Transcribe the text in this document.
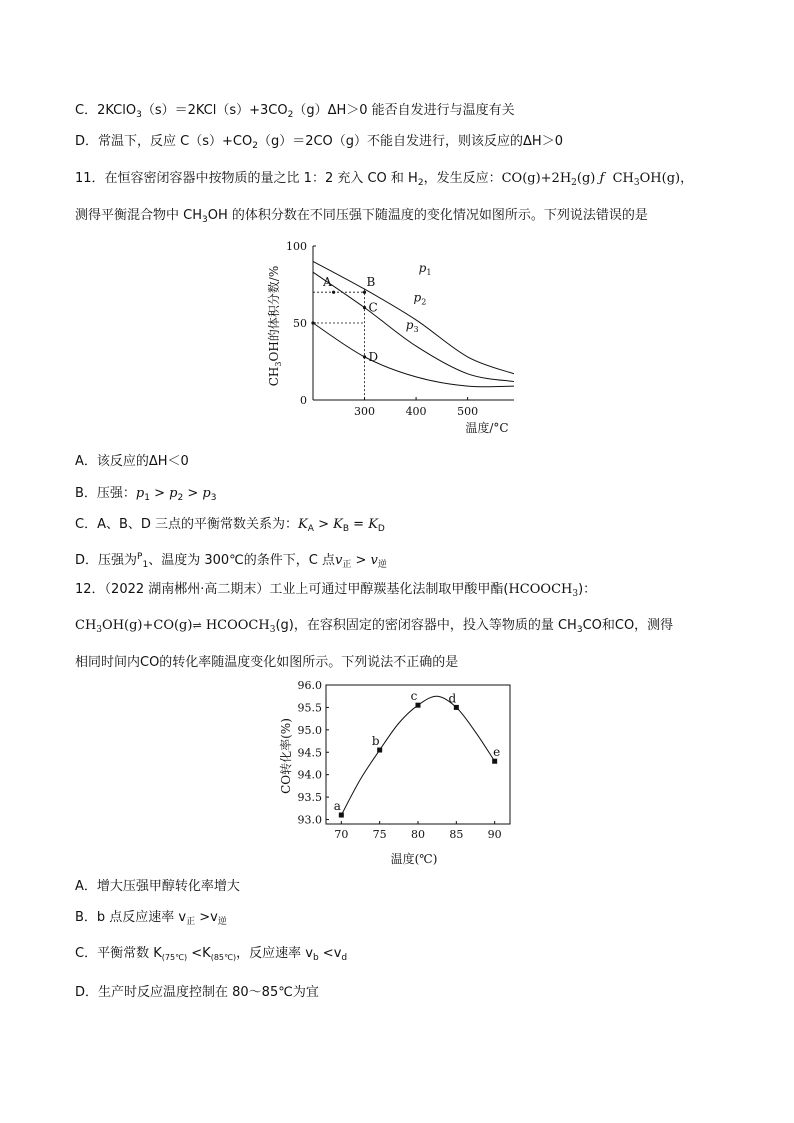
C．$2KClO_3(s)=2KCl(s)+3CO_2(g)\Delta H>0$ 能否自发进行与温度有关
D．常温下，反应 $C(s)+CO_2(g)=2CO(g)$不能自发进行，则该反应的ΔH＞0
11．在恒容密闭容器中按物质的量之比 1：2 充入 CO 和 $H_2$，发生反应：$CO(g)+2H_2(g)$ ƒ $CH_3OH(g)$，
测得平衡混合物中 $CH_3OH$ 的体积分数在不同压强下随温度的变化情况如图所示。下列说法错误的是
0
50
100
300	400	500
$p_1$
$p_2$
$p_3$
A	B
C
D
$CH_3OH$的体积分数/%
温度/°C
A．该反应的ΔH＜0
B．压强：$p_1 > p_2 > p_3$
C．A、B、D 三点的平衡常数关系为：$K_A > K_B = K_D$
D．压强为$^P_1$、温度为 300℃的条件下，C 点$v_正 > v_逆$
12．（2022 湖南郴州·高二期末）工业上可通过甲醇羰基化法制取甲酸甲酯$(HCOOCH_3)$：
$CH_3OH(g)+CO(g)\rightleftharpoons$ $HCOOCH_3(g)$，在容积固定的密闭容器中，投入等物质的量 $CH_3CO$和CO，测得
相同时间内CO的转化率随温度变化如图所示。下列说法不正确的是
93.0
93.5
94.0
94.5
95.0
95.5
96.0
70 75 80 85 90
a
b
c	d
e
CO转化率(%)
温度(℃)
A．增大压强甲醇转化率增大
B．b 点反应速率 $v_正 >v_逆$
C．平衡常数 $K_{(75℃)} <K_{(85℃)}$，反应速率 $v_b <v_d$
D．生产时反应温度控制在 80～85℃为宜
